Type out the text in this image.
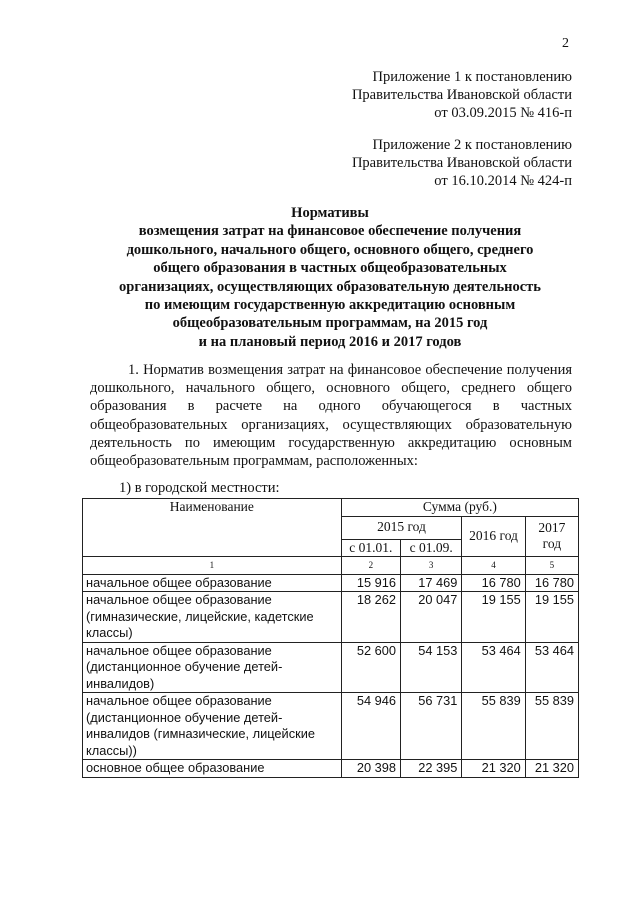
2
Приложение 1 к постановлению
Правительства Ивановской области
от 03.09.2015 № 416-п
Приложение 2 к постановлению
Правительства Ивановской области
от 16.10.2014 № 424-п
Нормативы
возмещения затрат на финансовое обеспечение получения
дошкольного, начального общего, основного общего, среднего
общего образования в частных общеобразовательных
организациях, осуществляющих образовательную деятельность
по имеющим государственную аккредитацию основным
общеобразовательным программам, на 2015 год
и на плановый период 2016 и 2017 годов
1. Норматив возмещения затрат на финансовое обеспечение получения дошкольного, начального общего, основного общего, среднего общего образования в расчете на одного обучающегося в частных общеобразовательных организациях, осуществляющих образовательную деятельность по имеющим государственную аккредитацию основным общеобразовательным программам, расположенных:
1) в городской местности:
Наименование	Сумма (руб.)			
	2015 год		2016 год	2017 год
	с 01.01.	с 01.09.		
1	2	3	4	5
начальное общее образование	15 916	17 469	16 780	16 780
начальное общее образование (гимназические, лицейские, кадетские классы)	18 262	20 047	19 155	19 155
начальное общее образование (дистанционное обучение детей-инвалидов)	52 600	54 153	53 464	53 464
начальное общее образование (дистанционное обучение детей-инвалидов (гимназические, лицейские классы))	54 946	56 731	55 839	55 839
основное общее образование	20 398	22 395	21 320	21 320
